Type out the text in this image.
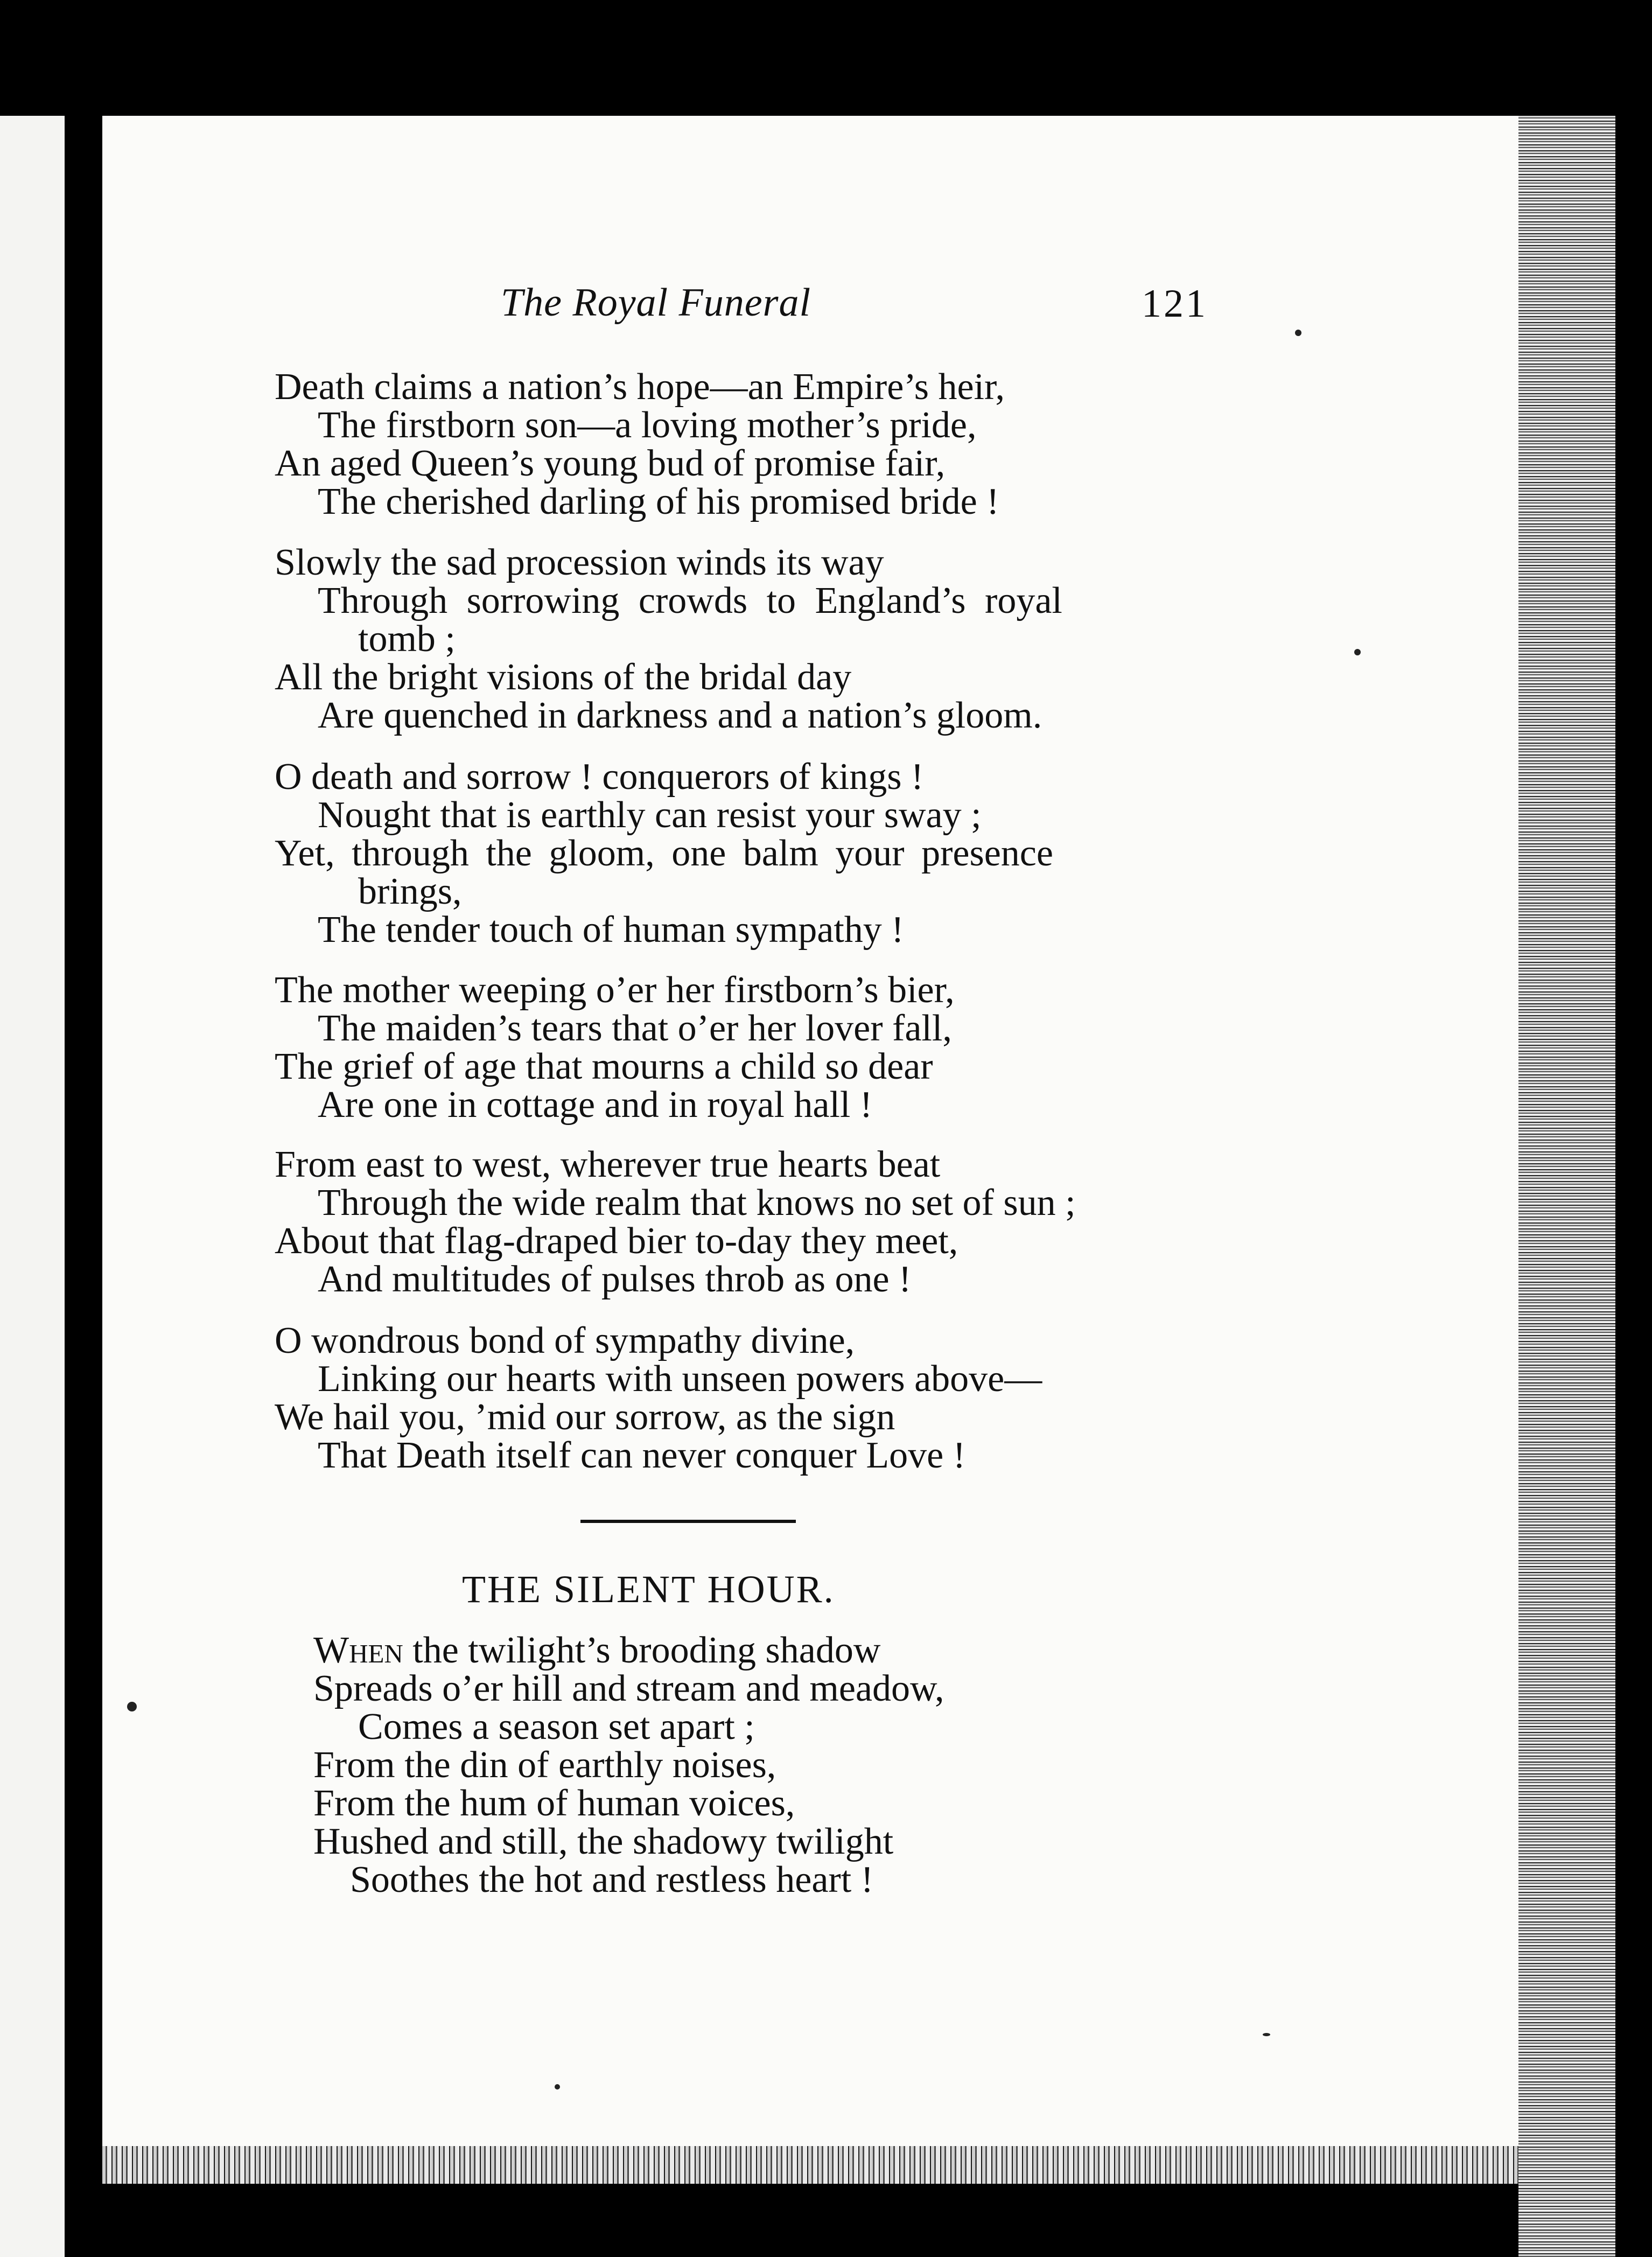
The Royal Funeral	121
Death claims a nation’s hope—an Empire’s heir,
The firstborn son—a loving mother’s pride,
An aged Queen’s young bud of promise fair,
The cherished darling of his promised bride !
Slowly the sad procession winds its way
Through sorrowing crowds to England’s royal
tomb ;
All the bright visions of the bridal day
Are quenched in darkness and a nation’s gloom.
O death and sorrow ! conquerors of kings !
Nought that is earthly can resist your sway ;
Yet, through the gloom, one balm your presence
brings,
The tender touch of human sympathy !
The mother weeping o’er her firstborn’s bier,
The maiden’s tears that o’er her lover fall,
The grief of age that mourns a child so dear
Are one in cottage and in royal hall !
From east to west, wherever true hearts beat
Through the wide realm that knows no set of sun ;
About that flag-draped bier to-day they meet,
And multitudes of pulses throb as one !
O wondrous bond of sympathy divine,
Linking our hearts with unseen powers above—
We hail you, ’mid our sorrow, as the sign
That Death itself can never conquer Love !
THE SILENT HOUR.
When the twilight’s brooding shadow
Spreads o’er hill and stream and meadow,
Comes a season set apart ;
From the din of earthly noises,
From the hum of human voices,
Hushed and still, the shadowy twilight
Soothes the hot and restless heart !
